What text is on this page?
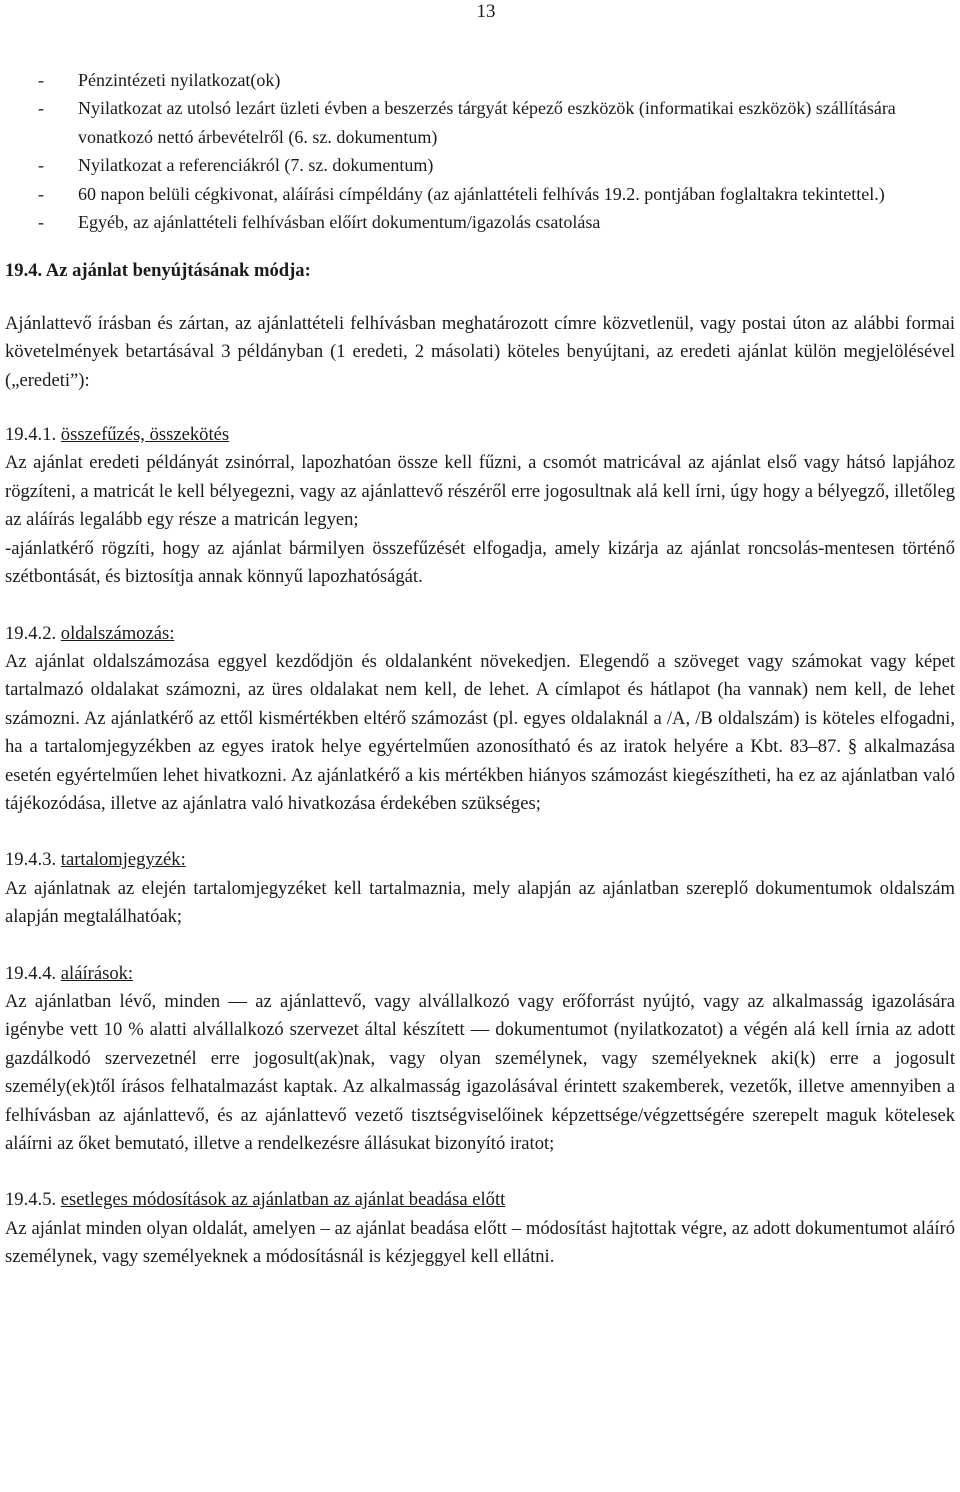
13
- Pénzintézeti nyilatkozat(ok)
- Nyilatkozat az utolsó lezárt üzleti évben a beszerzés tárgyát képező eszközök (informatikai eszközök) szállítására vonatkozó nettó árbevételről (6. sz. dokumentum)
- Nyilatkozat a referenciákról (7. sz. dokumentum)
- 60 napon belüli cégkivonat, aláírási címpéldány (az ajánlattételi felhívás 19.2. pontjában foglaltakra tekintettel.)
- Egyéb, az ajánlattételi felhívásban előírt dokumentum/igazolás csatolása
19.4. Az ajánlat benyújtásának módja:

Ajánlattevő írásban és zártan, az ajánlattételi felhívásban meghatározott címre közvetlenül, vagy postai úton az alábbi formai követelmények betartásával 3 példányban (1 eredeti, 2 másolati) köteles benyújtani, az eredeti ajánlat külön megjelölésével („eredeti”):

19.4.1. összefűzés, összekötés

Az ajánlat eredeti példányát zsinórral, lapozhatóan össze kell fűzni, a csomót matricával az ajánlat első vagy hátsó lapjához rögzíteni, a matricát le kell bélyegezni, vagy az ajánlattevő részéről erre jogosultnak alá kell írni, úgy hogy a bélyegző, illetőleg az aláírás legalább egy része a matricán legyen;

-ajánlatkérő rögzíti, hogy az ajánlat bármilyen összefűzését elfogadja, amely kizárja az ajánlat roncsolás-mentesen történő szétbontását, és biztosítja annak könnyű lapozhatóságát.

19.4.2. oldalszámozás:

Az ajánlat oldalszámozása eggyel kezdődjön és oldalanként növekedjen. Elegendő a szöveget vagy számokat vagy képet tartalmazó oldalakat számozni, az üres oldalakat nem kell, de lehet. A címlapot és hátlapot (ha vannak) nem kell, de lehet számozni. Az ajánlatkérő az ettől kismértékben eltérő számozást (pl. egyes oldalaknál a /A, /B oldalszám) is köteles elfogadni, ha a tartalomjegyzékben az egyes iratok helye egyértelműen azonosítható és az iratok helyére a Kbt. 83–87. § alkalmazása esetén egyértelműen lehet hivatkozni. Az ajánlatkérő a kis mértékben hiányos számozást kiegészítheti, ha ez az ajánlatban való tájékozódása, illetve az ajánlatra való hivatkozása érdekében szükséges;

19.4.3. tartalomjegyzék:

Az ajánlatnak az elején tartalomjegyzéket kell tartalmaznia, mely alapján az ajánlatban szereplő dokumentumok oldalszám alapján megtalálhatóak;

19.4.4. aláírások:

Az ajánlatban lévő, minden — az ajánlattevő, vagy alvállalkozó vagy erőforrást nyújtó, vagy az alkalmasság igazolására igénybe vett 10 % alatti alvállalkozó szervezet által készített — dokumentumot (nyilatkozatot) a végén alá kell írnia az adott gazdálkodó szervezetnél erre jogosult(ak)nak, vagy olyan személynek, vagy személyeknek aki(k) erre a jogosult személy(ek)től írásos felhatalmazást kaptak. Az alkalmasság igazolásával érintett szakemberek, vezetők, illetve amennyiben a felhívásban az ajánlattevő, és az ajánlattevő vezető tisztségviselőinek képzettsége/végzettségére szerepelt maguk kötelesek aláírni az őket bemutató, illetve a rendelkezésre állásukat bizonyító iratot;

19.4.5. esetleges módosítások az ajánlatban az ajánlat beadása előtt

Az ajánlat minden olyan oldalát, amelyen – az ajánlat beadása előtt – módosítást hajtottak végre, az adott dokumentumot aláíró személynek, vagy személyeknek a módosításnál is kézjeggyel kell ellátni.
